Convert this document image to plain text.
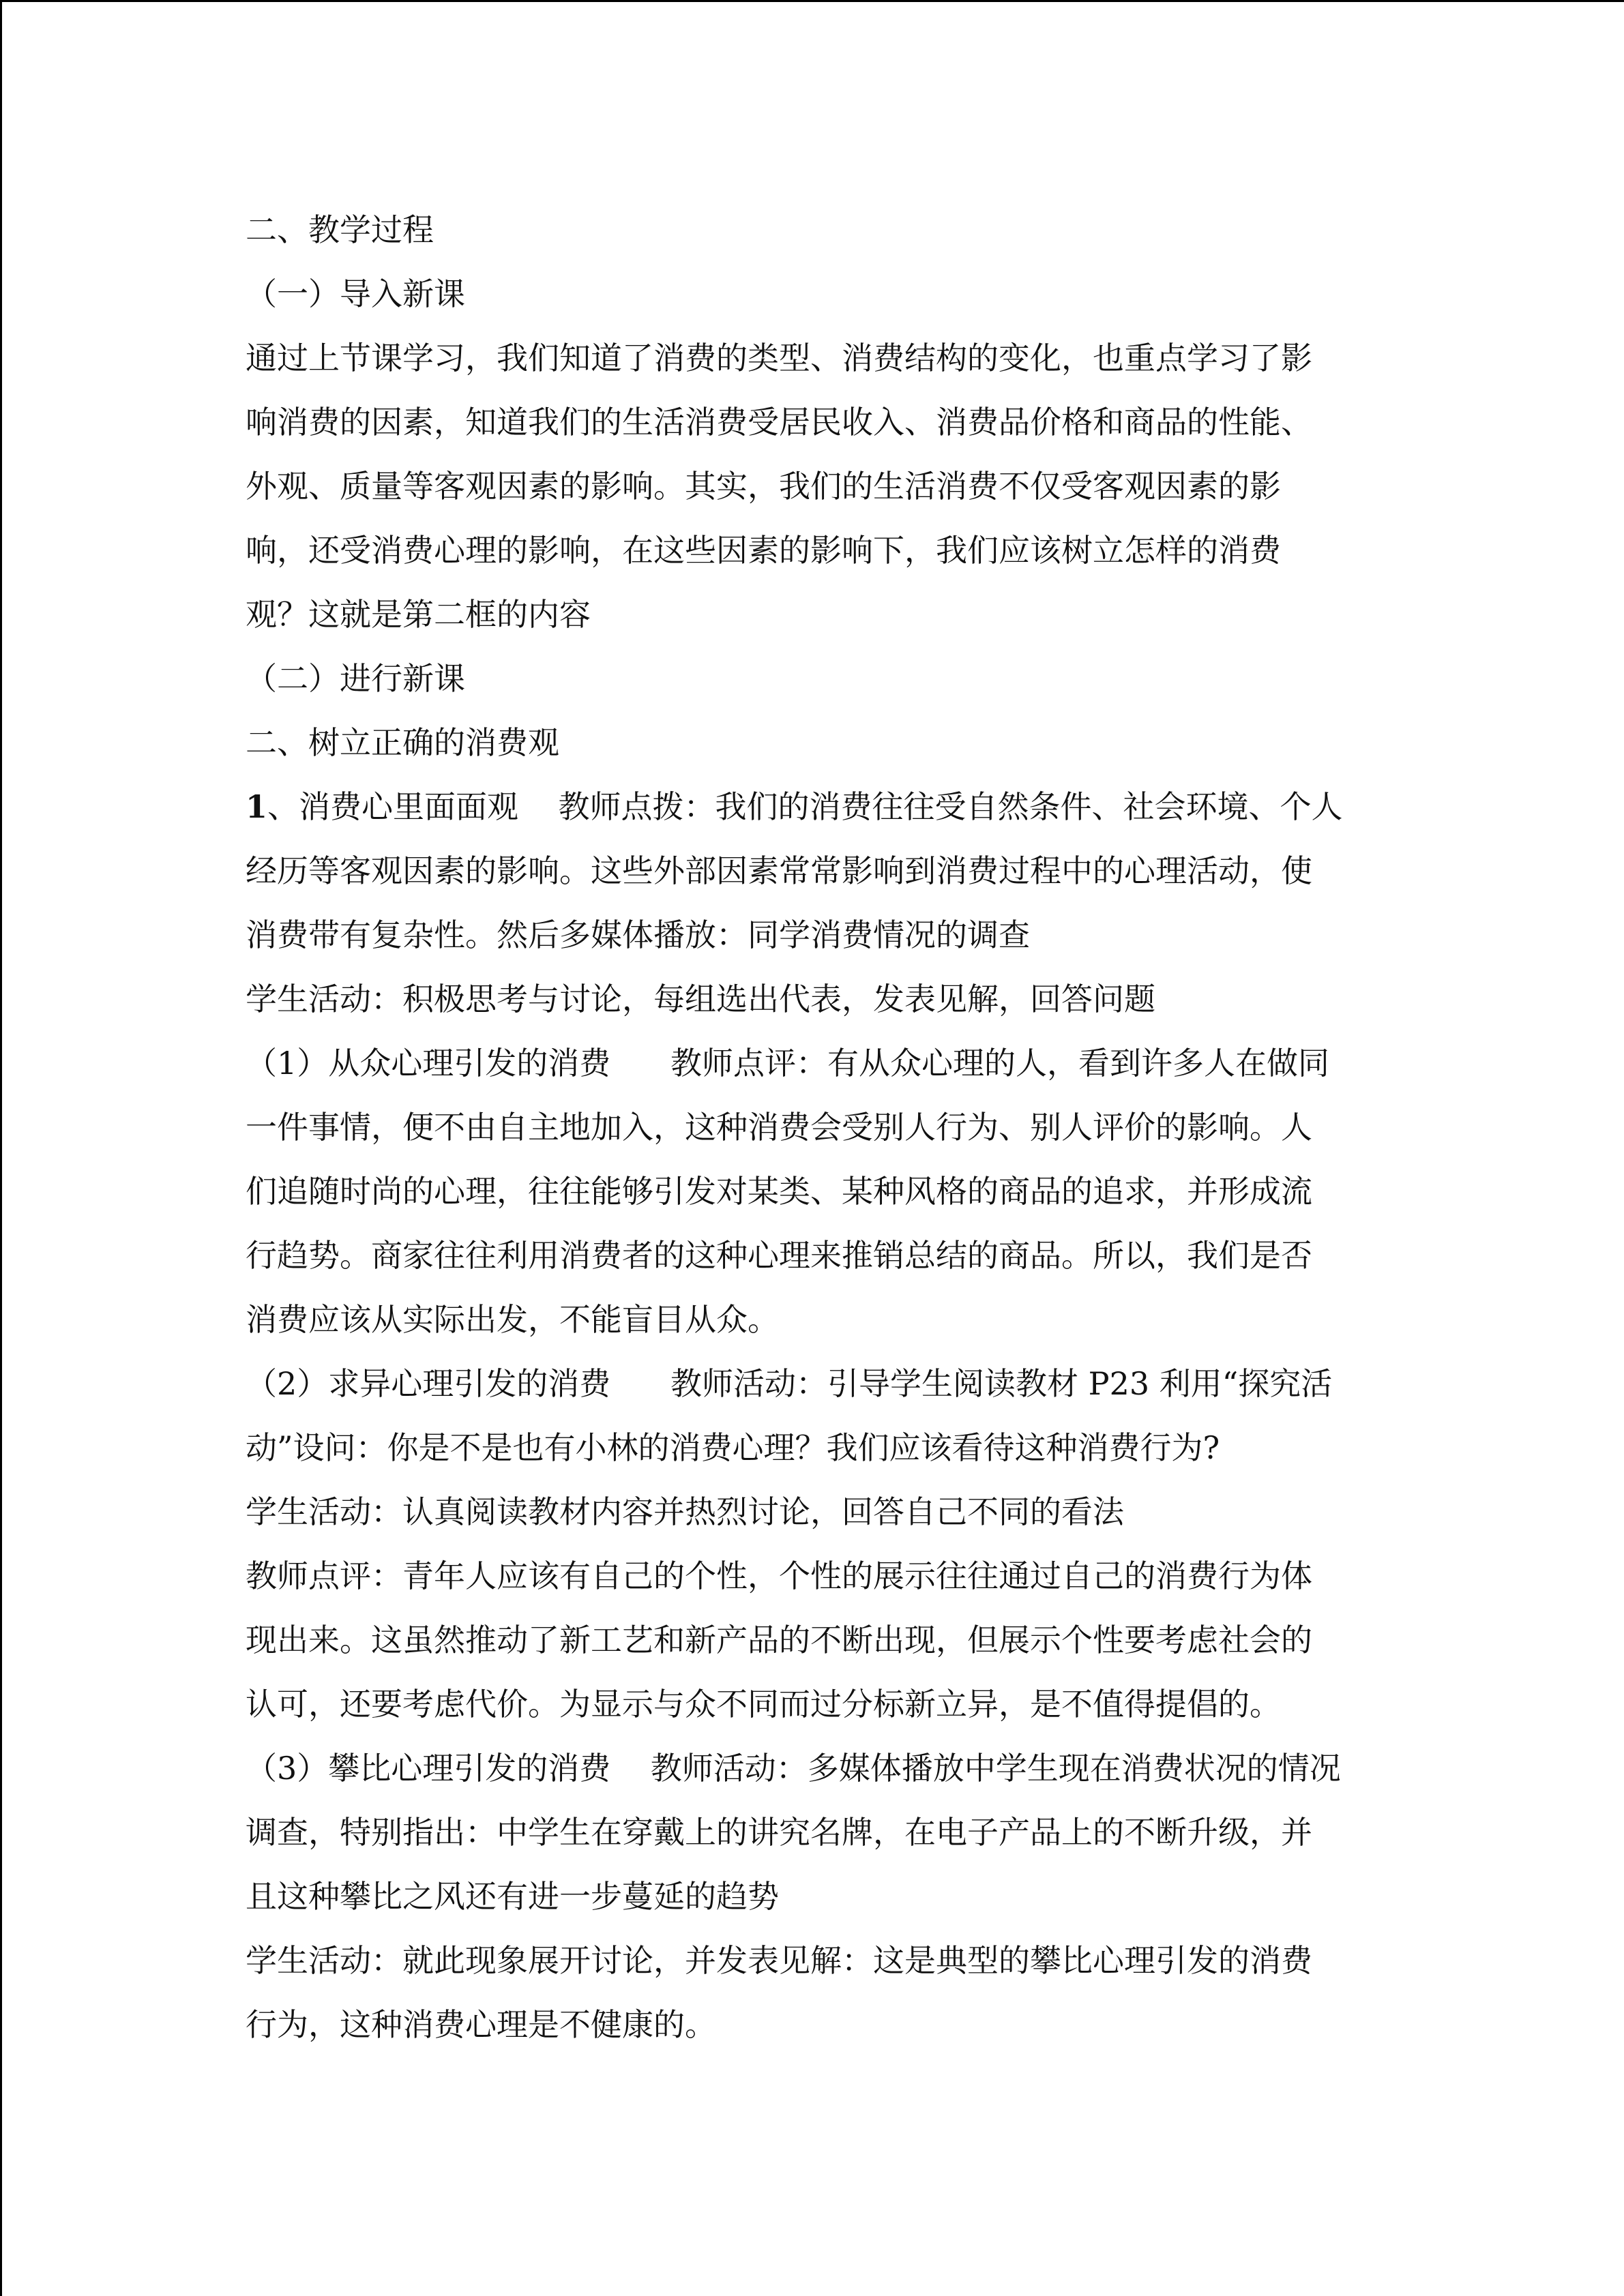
二、教学过程

（一）导入新课

通过上节课学习，我们知道了消费的类型、消费结构的变化，也重点学习了影

响消费的因素，知道我们的生活消费受居民收入、消费品价格和商品的性能、

外观、质量等客观因素的影响。其实，我们的生活消费不仅受客观因素的影

响，还受消费心理的影响，在这些因素的影响下，我们应该树立怎样的消费

观？这就是第二框的内容

（二）进行新课

二、树立正确的消费观

1、消费心里面面观    教师点拨：我们的消费往往受自然条件、社会环境、个人

经历等客观因素的影响。这些外部因素常常影响到消费过程中的心理活动，使

消费带有复杂性。然后多媒体播放：同学消费情况的调查

学生活动：积极思考与讨论，每组选出代表，发表见解，回答问题

（1）从众心理引发的消费      教师点评：有从众心理的人，看到许多人在做同

一件事情，便不由自主地加入，这种消费会受别人行为、别人评价的影响。人

们追随时尚的心理，往往能够引发对某类、某种风格的商品的追求，并形成流

行趋势。商家往往利用消费者的这种心理来推销总结的商品。所以，我们是否

消费应该从实际出发，不能盲目从众。

（2）求异心理引发的消费      教师活动：引导学生阅读教材 P23 利用“探究活

动”设问：你是不是也有小林的消费心理？我们应该看待这种消费行为?

学生活动：认真阅读教材内容并热烈讨论，回答自己不同的看法

教师点评：青年人应该有自己的个性，个性的展示往往通过自己的消费行为体

现出来。这虽然推动了新工艺和新产品的不断出现，但展示个性要考虑社会的

认可，还要考虑代价。为显示与众不同而过分标新立异，是不值得提倡的。

（3）攀比心理引发的消费    教师活动：多媒体播放中学生现在消费状况的情况

调查，特别指出：中学生在穿戴上的讲究名牌，在电子产品上的不断升级，并

且这种攀比之风还有进一步蔓延的趋势

学生活动：就此现象展开讨论，并发表见解：这是典型的攀比心理引发的消费

行为，这种消费心理是不健康的。
